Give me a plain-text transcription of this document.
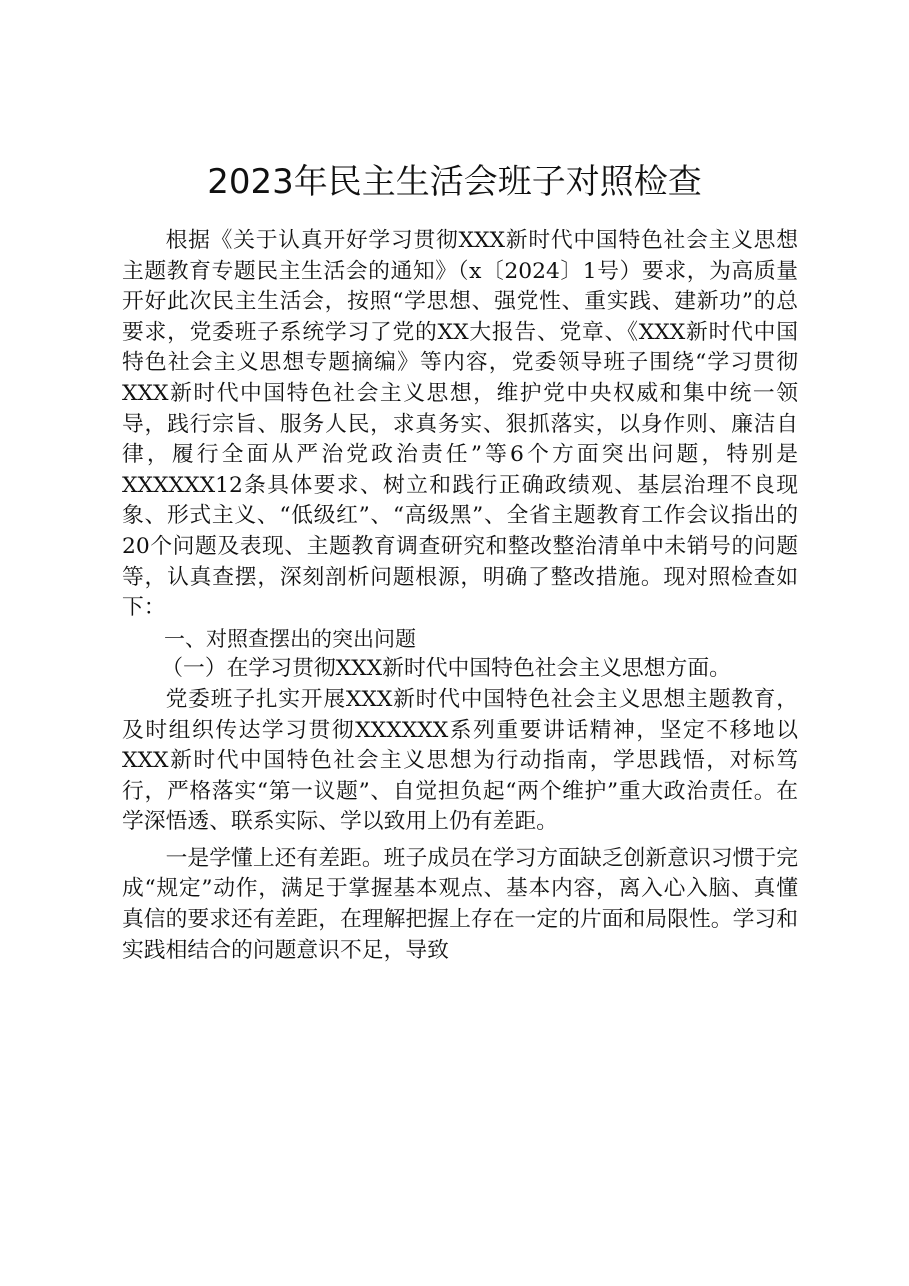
2023年民主生活会班子对照检查

根据《关于认真开好学习贯彻XXX新时代中国特色社会主义思想主题教育专题民主生活会的通知》（x〔2024〕1号）要求，为高质量开好此次民主生活会，按照“学思想、强党性、重实践、建新功”的总要求，党委班子系统学习了党的XX大报告、党章、《XXX新时代中国特色社会主义思想专题摘编》等内容，党委领导班子围绕“学习贯彻XXX新时代中国特色社会主义思想，维护党中央权威和集中统一领导，践行宗旨、服务人民，求真务实、狠抓落实，以身作则、廉洁自律，履行全面从严治党政治责任”等6个方面突出问题，特别是XXXXXX12条具体要求、树立和践行正确政绩观、基层治理不良现象、形式主义、“低级红”、“高级黑”、全省主题教育工作会议指出的20个问题及表现、主题教育调查研究和整改整治清单中未销号的问题等，认真查摆，深刻剖析问题根源，明确了整改措施。现对照检查如下：

一、对照查摆出的突出问题

（一）在学习贯彻XXX新时代中国特色社会主义思想方面。

党委班子扎实开展XXX新时代中国特色社会主义思想主题教育，及时组织传达学习贯彻XXXXXX系列重要讲话精神，坚定不移地以XXX新时代中国特色社会主义思想为行动指南，学思践悟，对标笃行，严格落实“第一议题”、自觉担负起“两个维护”重大政治责任。在学深悟透、联系实际、学以致用上仍有差距。

一是学懂上还有差距。班子成员在学习方面缺乏创新意识习惯于完成“规定”动作，满足于掌握基本观点、基本内容，离入心入脑、真懂真信的要求还有差距，在理解把握上存在一定的片面和局限性。学习和实践相结合的问题意识不足，导致
